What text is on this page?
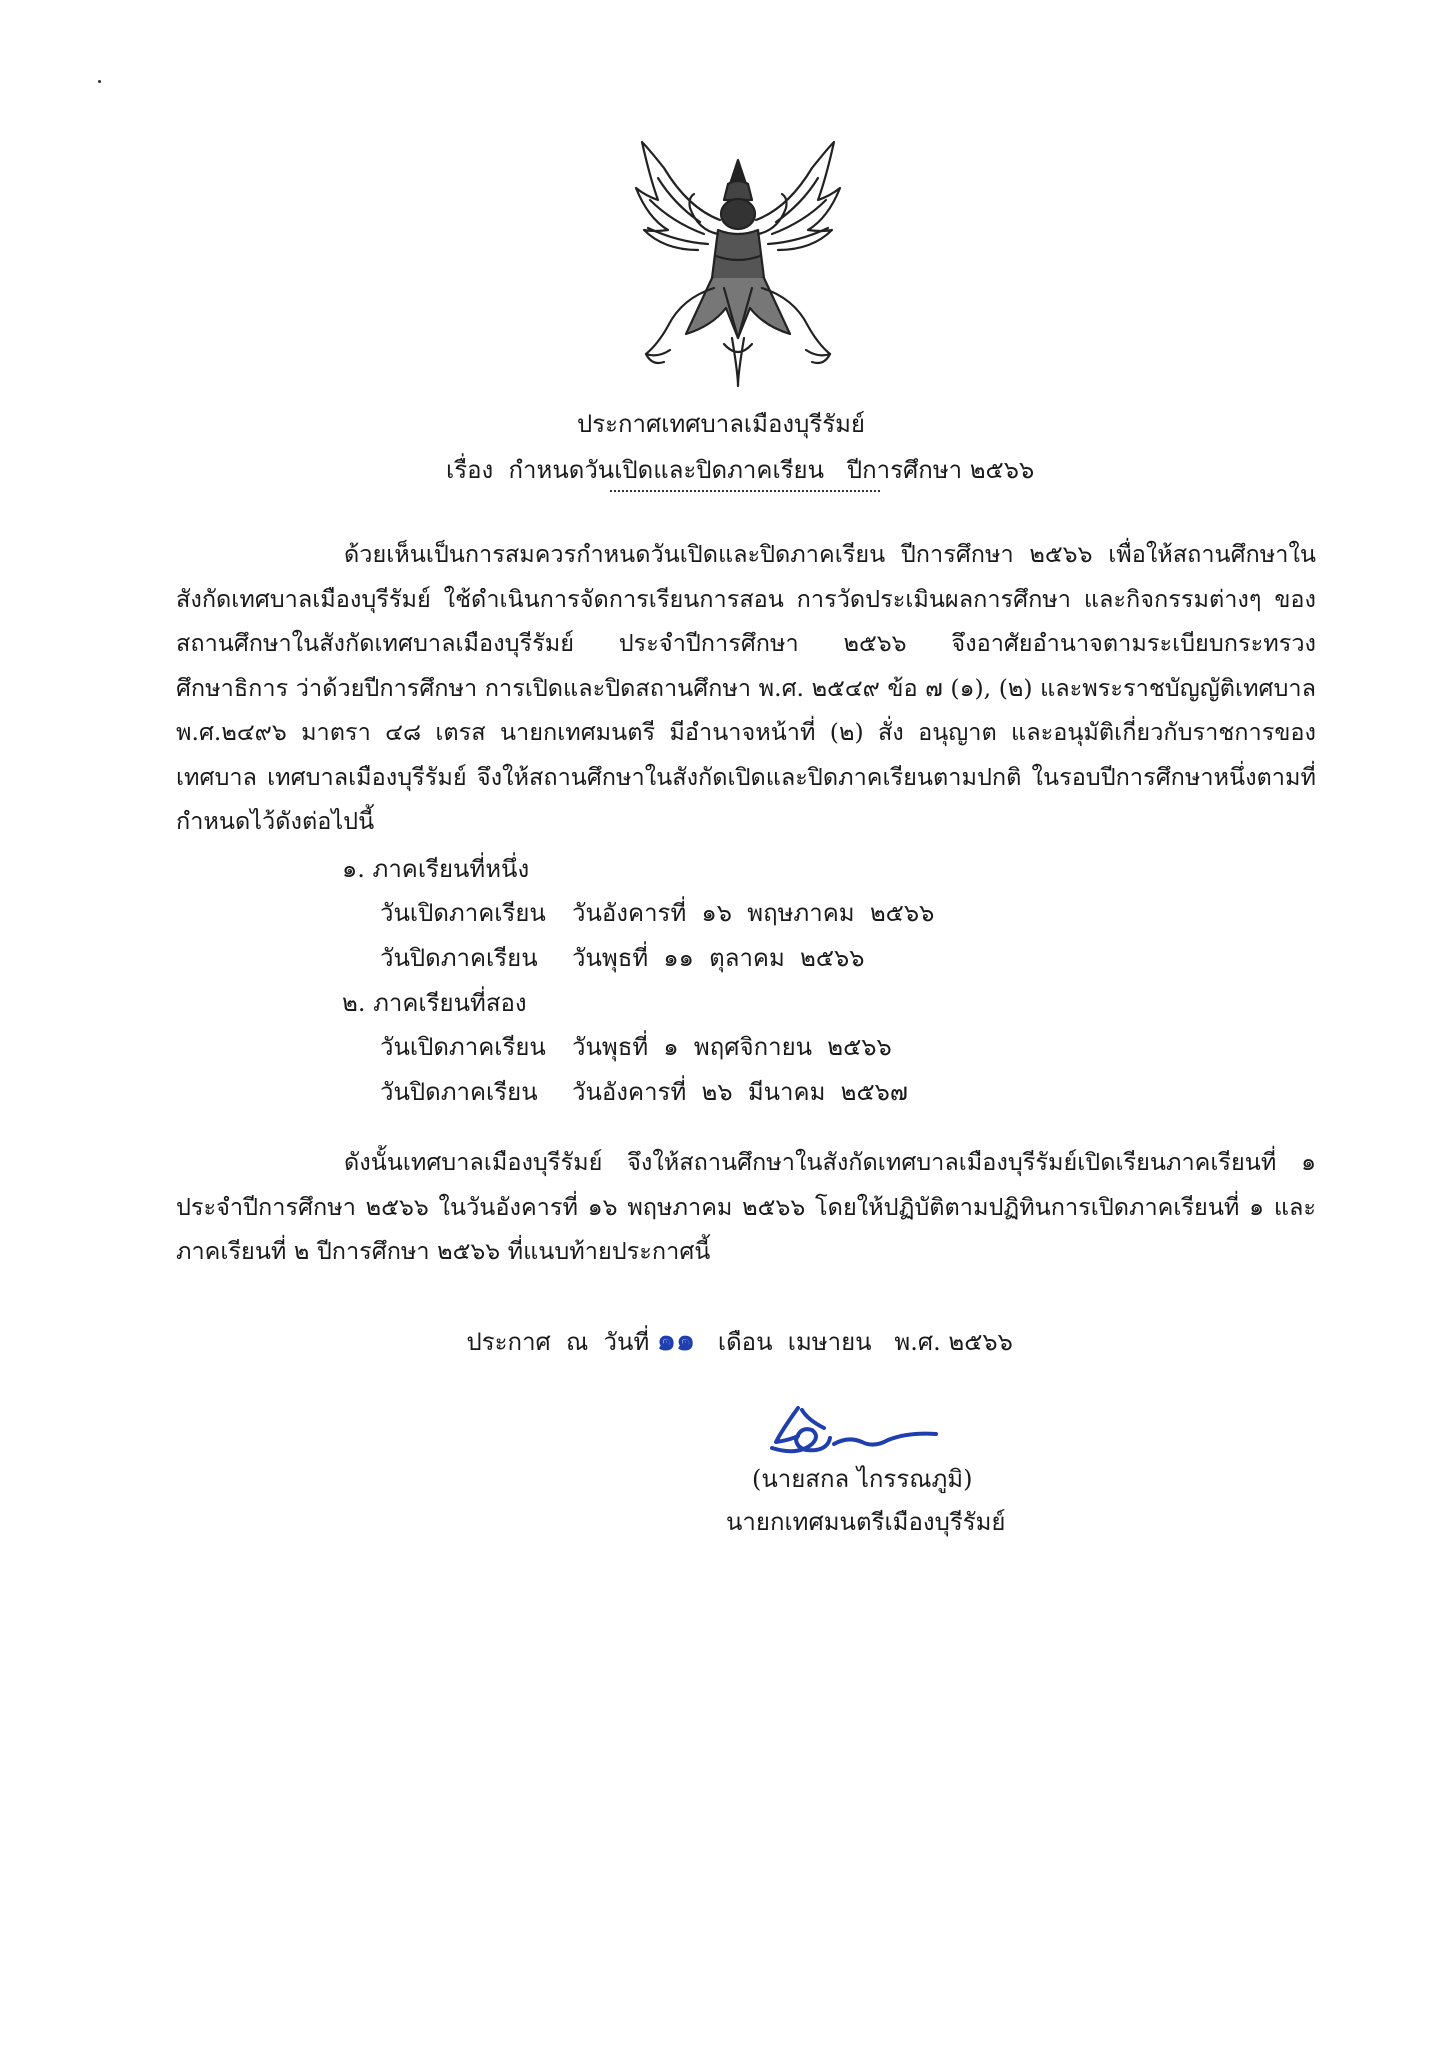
ประกาศเทศบาลเมืองบุรีรัมย์
เรื่อง กำหนดวันเปิดและปิดภาคเรียน   ปีการศึกษา ๒๕๖๖
ด้วยเห็นเป็นการสมควรกำหนดวันเปิดและปิดภาคเรียน ปีการศึกษา ๒๕๖๖ เพื่อให้สถานศึกษาในสังกัดเทศบาลเมืองบุรีรัมย์ ใช้ดำเนินการจัดการเรียนการสอน การวัดประเมินผลการศึกษา และกิจกรรมต่างๆ ของสถานศึกษาในสังกัดเทศบาลเมืองบุรีรัมย์ ประจำปีการศึกษา ๒๕๖๖ จึงอาศัยอำนาจตามระเบียบกระทรวงศึกษาธิการ ว่าด้วยปีการศึกษา การเปิดและปิดสถานศึกษา พ.ศ. ๒๕๔๙ ข้อ ๗ (๑), (๒) และพระราชบัญญัติเทศบาล พ.ศ.๒๔๙๖ มาตรา ๔๘ เตรส นายกเทศมนตรี มีอำนาจหน้าที่ (๒) สั่ง อนุญาต และอนุมัติเกี่ยวกับราชการของเทศบาล เทศบาลเมืองบุรีรัมย์ จึงให้สถานศึกษาในสังกัดเปิดและปิดภาคเรียนตามปกติ ในรอบปีการศึกษาหนึ่งตามที่กำหนดไว้ดังต่อไปนี้
๑. ภาคเรียนที่หนึ่ง
วันเปิดภาคเรียน วันอังคารที่  ๑๖  พฤษภาคม  ๒๕๖๖
วันปิดภาคเรียน วันพุธที่  ๑๑  ตุลาคม  ๒๕๖๖
๒. ภาคเรียนที่สอง
วันเปิดภาคเรียน วันพุธที่  ๑  พฤศจิกายน  ๒๕๖๖
วันปิดภาคเรียน วันอังคารที่  ๒๖  มีนาคม  ๒๕๖๗
ดังนั้นเทศบาลเมืองบุรีรัมย์ จึงให้สถานศึกษาในสังกัดเทศบาลเมืองบุรีรัมย์เปิดเรียนภาคเรียนที่ ๑ ประจำปีการศึกษา ๒๕๖๖ ในวันอังคารที่ ๑๖ พฤษภาคม ๒๕๖๖ โดยให้ปฏิบัติตามปฏิทินการเปิดภาคเรียนที่ ๑ และภาคเรียนที่ ๒ ปีการศึกษา ๒๕๖๖ ที่แนบท้ายประกาศนี้

ประกาศ  ณ  วันที่ ๑๑ เดือน  เมษายน   พ.ศ. ๒๕๖๖

(นายสกล ไกรรณภูมิ)
นายกเทศมนตรีเมืองบุรีรัมย์
